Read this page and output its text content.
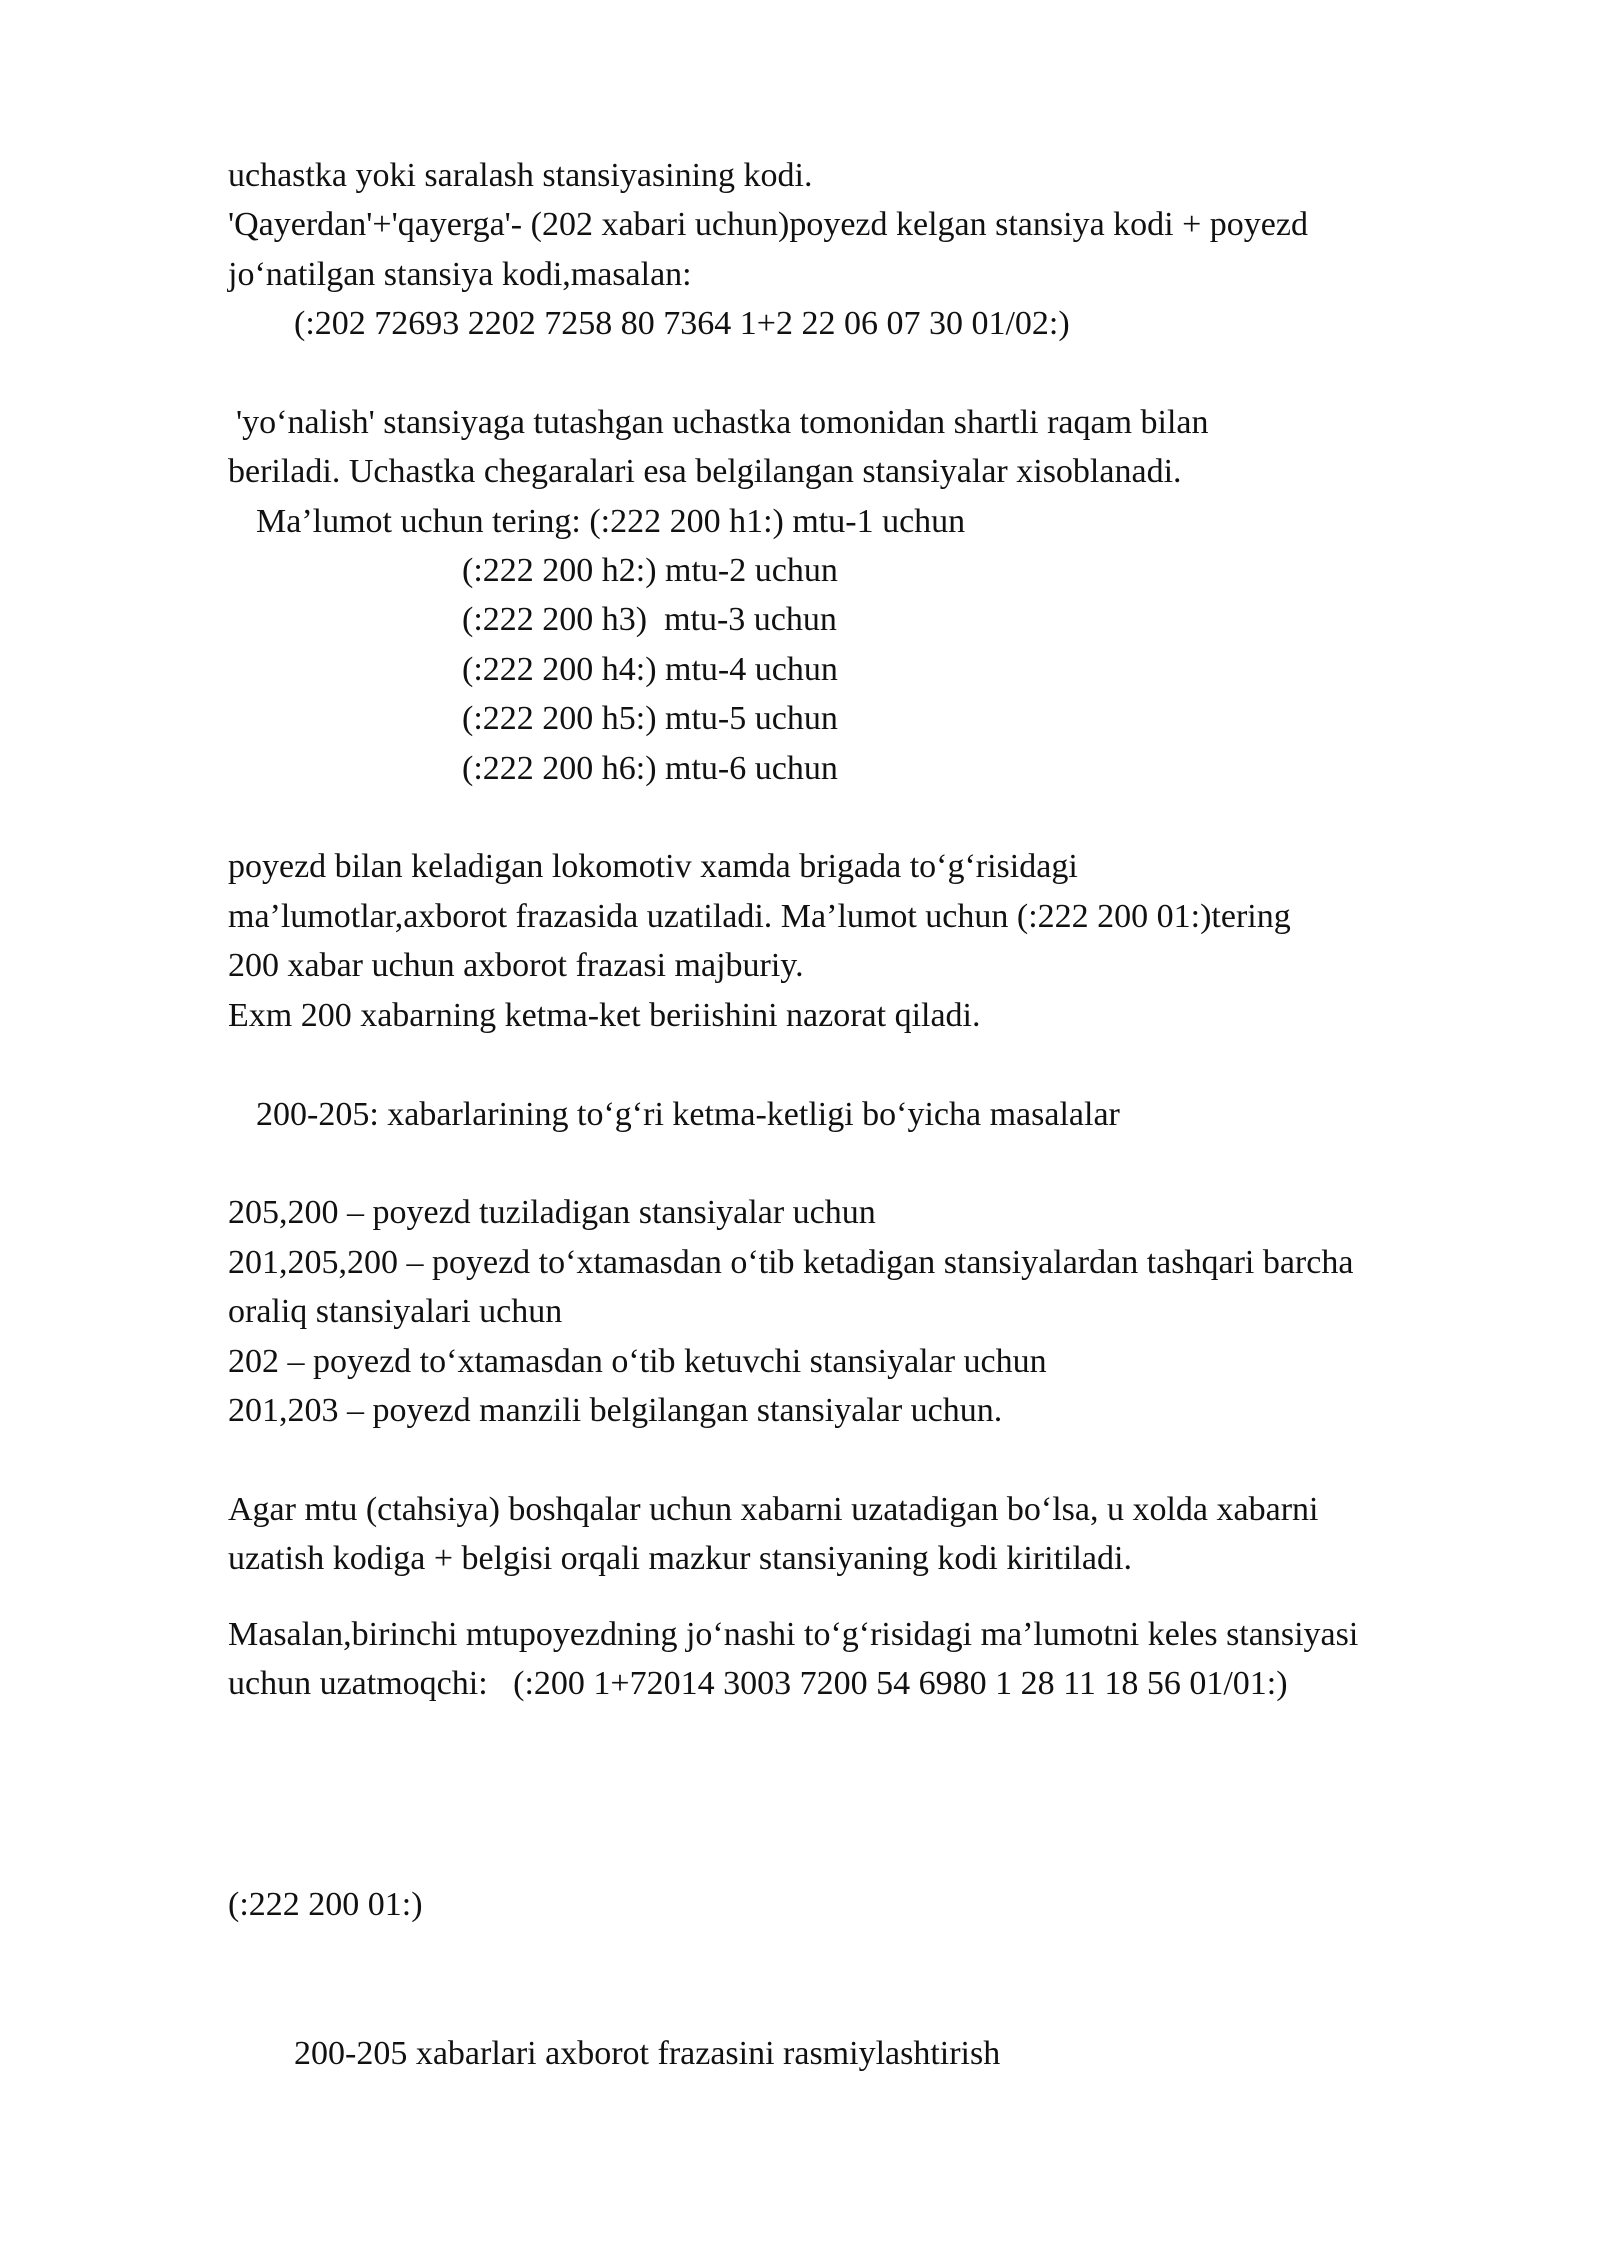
uchastka yoki saralash stansiyasining kodi.

'Qayerdan'+'qayerga'- (202 xabari uchun)poyezd kelgan stansiya kodi + poyezd

jo‘natilgan stansiya kodi,masalan:

(:202 72693 2202 7258 80 7364 1+2 22 06 07 30 01/02:)

'yo‘nalish' stansiyaga tutashgan uchastka tomonidan shartli raqam bilan

beriladi. Uchastka chegaralari esa belgilangan stansiyalar xisoblanadi.

Ma’lumot uchun tering: (:222 200 h1:) mtu-1 uchun

(:222 200 h2:) mtu-2 uchun

(:222 200 h3)  mtu-3 uchun

(:222 200 h4:) mtu-4 uchun

(:222 200 h5:) mtu-5 uchun

(:222 200 h6:) mtu-6 uchun

poyezd bilan keladigan lokomotiv xamda brigada to‘g‘risidagi

ma’lumotlar,axborot frazasida uzatiladi. Ma’lumot uchun (:222 200 01:)tering

200 xabar uchun axborot frazasi majburiy.

Exm 200 xabarning ketma-ket beriishini nazorat qiladi.

200-205: xabarlarining to‘g‘ri ketma-ketligi bo‘yicha masalalar

205,200 – poyezd tuziladigan stansiyalar uchun

201,205,200 – poyezd to‘xtamasdan o‘tib ketadigan stansiyalardan tashqari barcha

oraliq stansiyalari uchun

202 – poyezd to‘xtamasdan o‘tib ketuvchi stansiyalar uchun

201,203 – poyezd manzili belgilangan stansiyalar uchun.

Agar mtu (ctahsiya) boshqalar uchun xabarni uzatadigan bo‘lsa, u xolda xabarni

uzatish kodiga + belgisi orqali mazkur stansiyaning kodi kiritiladi.

Masalan,birinchi mtupoyezdning jo‘nashi to‘g‘risidagi ma’lumotni keles stansiyasi

uchun uzatmoqchi:   (:200 1+72014 3003 7200 54 6980 1 28 11 18 56 01/01:)

(:222 200 01:)

200-205 xabarlari axborot frazasini rasmiylashtirish
